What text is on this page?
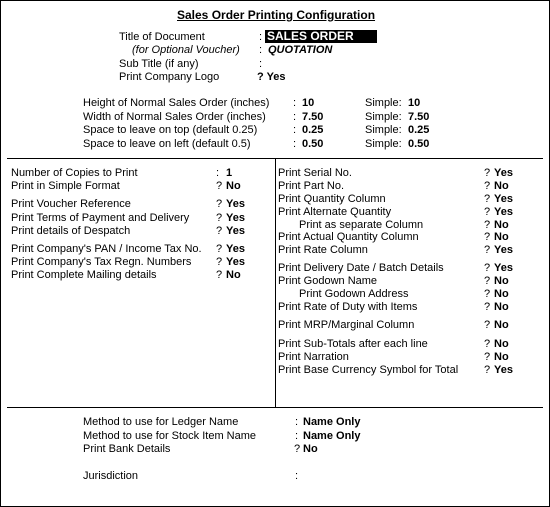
Sales Order Printing Configuration
Title of Document	: SALES ORDER
(for Optional Voucher) : QUOTATION
Sub Title (if any)	:
Print Company Logo	? Yes
Height of Normal Sales Order (inches) : 10	Simple: 10
Width of Normal Sales Order (inches) : 7.50	Simple: 7.50
Space to leave on top (default 0.25)	: 0.25	Simple: 0.25
Space to leave on left (default 0.5)	: 0.50	Simple: 0.50
Number of Copies to Print	: 1
Print in Simple Format	? No
Print Voucher Reference	? Yes
Print Terms of Payment and Delivery ? Yes
Print details of Despatch	? Yes
Print Company's PAN / Income Tax No. ? Yes
Print Company's Tax Regn. Numbers ? Yes
Print Complete Mailing details	? No
Print Serial No.	? Yes
Print Part No.	? No
Print Quantity Column	? Yes
Print Alternate Quantity	? Yes
Print as separate Column	? No
Print Actual Quantity Column	? No
Print Rate Column	? Yes
Print Delivery Date / Batch Details	? Yes
Print Godown Name	? No
Print Godown Address	? No
Print Rate of Duty with Items	? No
Print MRP/Marginal Column	? No
Print Sub-Totals after each line	? No
Print Narration	? No
Print Base Currency Symbol for Total ? Yes
Method to use for Ledger Name	: Name Only
Method to use for Stock Item Name	: Name Only
Print Bank Details	? No
Jurisdiction	:
